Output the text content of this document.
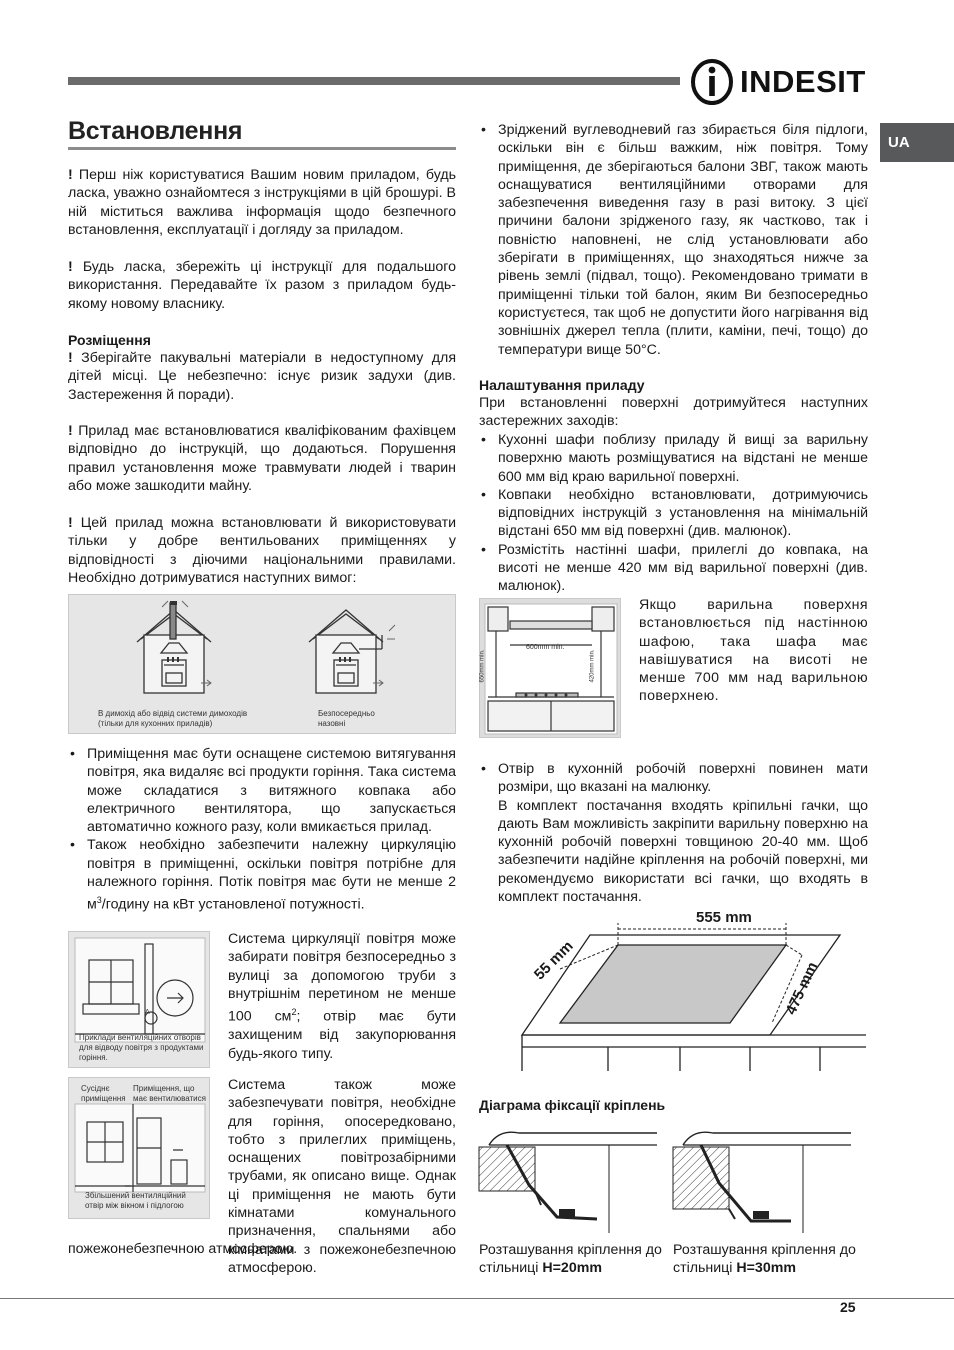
INDESIT
UA
Встановлення

! Перш ніж користуватися Вашим новим приладом, будь ласка, уважно ознайомтеся з інструкціями в цій брошурі. В ній міститься важлива інформація щодо безпечного встановлення, експлуатації і догляду за приладом.

! Будь ласка, збережіть ці інструкції для подальшого використання. Передавайте їх разом з приладом будь-якому новому власнику.

Розміщення

! Зберігайте пакувальні матеріали в недоступному для дітей місці. Це небезпечно: існує ризик задухи (див. Застереження й поради).

! Прилад має встановлюватися кваліфікованим фахівцем відповідно до інструкцій, що додаються. Порушення правил установлення може травмувати людей і тварин або може зашкодити майну.

! Цей прилад можна встановлювати й використовувати тільки у добре вентильованих приміщеннях у відповідності з діючими національними правилами. Необхідно дотримуватися наступних вимог:

В димохід або відвід системи димоходів (тільки для кухонних приладів)
Безпосередньо назовні
• Приміщення має бути оснащене системою витягування повітря, яка видаляє всі продукти горіння. Така система може складатися з витяжного ковпака або електричного вентилятора, що запускається автоматично кожного разу, коли вмикається прилад.
• Також необхідно забезпечити належну циркуляцію повітря в приміщенні, оскільки повітря потрібне для належного горіння. Потік повітря має бути не менше 2 $м^3$/годину на кВт установленої потужності.
A
Приклади вентиляційних отворів для відводу повітря з продуктами горіння.

Система циркуляції повітря може забирати повітря безпосередньо з вулиці за допомогою труби з внутрішнім перетином не менше 100 $см^2$; отвір має бути захищеним від закупорювання будь-якого типу.

Сусіднє приміщення
Приміщення, що має вентилюватися
Збільшений вентиляційний отвір між вікном і підлогою
Система також може забезпечувати повітря, необхідне для горіння, опосередковано, тобто з прилеглих приміщень, оснащених повітрозабірними трубами, як описано вище. Однак ці приміщення не мають бути кімнатами комунального призначення, спальнями або кімнатами з пожежонебезпечною атмосферою.
пожежонебезпечною атмосферою.
• Зріджений вуглеводневий газ збирається біля підлоги, оскільки він є більш важким, ніж повітря. Тому приміщення, де зберігаються балони ЗВГ, також мають оснащуватися вентиляційними отворами для забезпечення виведення газу в разі витоку. З цієї причини балони зрідженого газу, як частково, так і повністю наповнені, не слід установлювати або зберігати в приміщеннях, що знаходяться нижче за рівень землі (підвал, тощо). Рекомендовано тримати в приміщенні тільки той балон, яким Ви безпосередньо користуєтеся, так щоб не допустити його нагрівання від зовнішніх джерел тепла (плити, каміни, печі, тощо) до температури вище 50°C.
Налаштування приладу

При встановленні поверхні дотримуйтеся наступних застережних заходів:

• Кухонні шафи поблизу приладу й вищі за варильну поверхню мають розміщуватися на відстані не менше 600 мм від краю варильної поверхні.
• Ковпаки необхідно встановлювати, дотримуючись відповідних інструкцій з установлення на мінімальній відстані 650 мм від поверхні (див. малюнок).
• Розмістіть настінні шафи, прилеглі до ковпака, на висоті не менше 420 мм від варильної поверхні (див. малюнок).
600mm min.
650mm min.	420mm min.

Якщо варильна поверхня встановлюється під настінною шафою, така шафа має навішуватися на висоті не менше 700 мм над варильною поверхнею.

• Отвір в кухонній робочій поверхні повинен мати розміри, що вказані на малюнку.
В комплект постачання входять кріпильні гачки, що дають Вам можливість закріпити варильну поверхню на кухонній робочій поверхні товщиною 20-40 мм. Щоб забезпечити надійне кріплення на робочій поверхні, ми рекомендуємо використати всі гачки, що входять в комплект постачання.
555 mm
55 mm	475 mm
Діаграма фіксації кріплень

Розташування кріплення до стільниці H=20mm

Розташування кріплення до стільниці H=30mm

25
